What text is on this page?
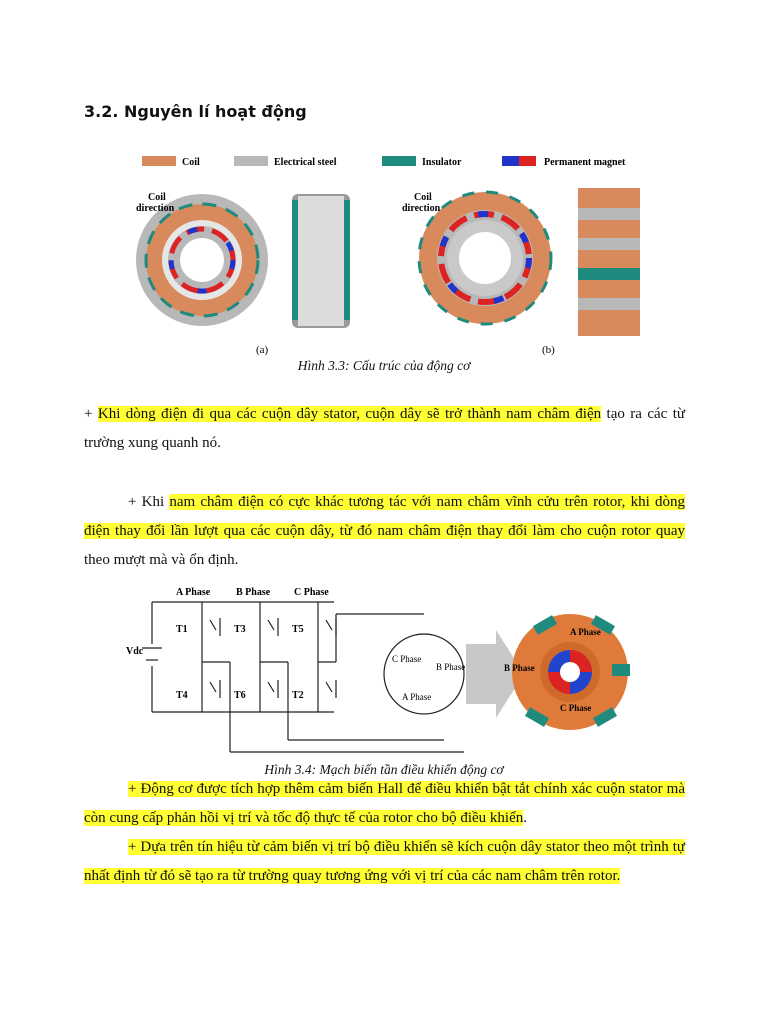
3.2. Nguyên lí hoạt động
Coil	Electrical steel	Insulator	Permanent magnet
Coil
direction
(a)
Coil
direction
(b)
Hình 3.3: Cấu trúc của động cơ
+ Khi dòng điện đi qua các cuộn dây stator, cuộn dây sẽ trở thành nam châm điện tạo ra các từ trường xung quanh nó.
+ Khi nam châm điện có cực khác tương tác với nam châm vĩnh cửu trên rotor, khi dòng điện thay đổi lần lượt qua các cuộn dây, từ đó nam châm điện thay đổi làm cho cuộn rotor quay theo mượt mà và ổn định.
A Phase	B Phase C Phase
Vdc
T1	T3	T5
T4	T6	T2
C Phase
B Phase
A Phase
A Phase
B Phase
C Phase
Hình 3.4: Mạch biến tần điều khiển động cơ
+ Động cơ được tích hợp thêm cảm biến Hall để điều khiển bật tắt chính xác cuộn stator mà còn cung cấp phản hồi vị trí và tốc độ thực tế của rotor cho bộ điều khiển.
+ Dựa trên tín hiệu từ cảm biến vị trí bộ điều khiển sẽ kích cuộn dây stator theo một trình tự nhất định từ đó sẽ tạo ra từ trường quay tương ứng với vị trí của các nam châm trên rotor.
